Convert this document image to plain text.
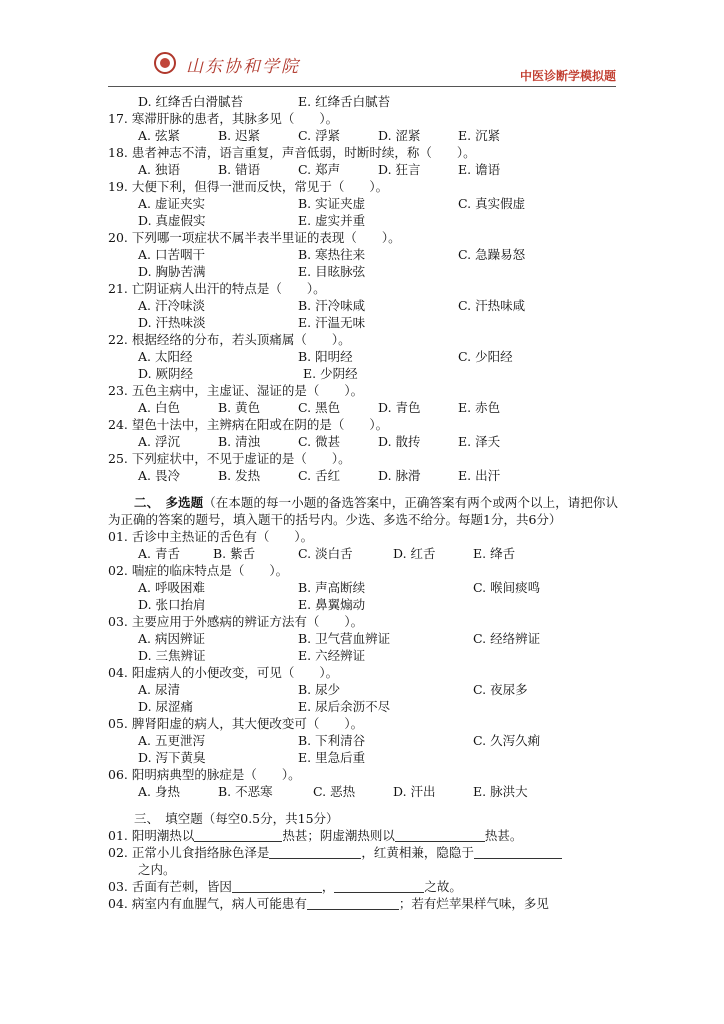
山东协和学院	中医诊断学模拟题
D. 红绛舌白滑腻苔	E. 红绛舌白腻苔
17. 寒滞肝脉的患者，其脉多见（　　）。
A. 弦紧	B. 迟紧	C. 浮紧	D. 涩紧	E. 沉紧
18. 患者神志不清，语言重复，声音低弱，时断时续，称（　　）。
A. 独语	B. 错语	C. 郑声	D. 狂言	E. 谵语
19. 大便下利，但得一泄而反快，常见于（　　）。
A. 虚证夹实	B. 实证夹虚	C. 真实假虚
D. 真虚假实	E. 虚实并重
20. 下列哪一项症状不属半表半里证的表现（　　）。
A. 口苦咽干	B. 寒热往来	C. 急躁易怒
D. 胸胁苦满	E. 目眩脉弦
21. 亡阴证病人出汗的特点是（　　）。
A. 汗冷味淡	B. 汗冷味咸	C. 汗热味咸
D. 汗热味淡	E. 汗温无味
22. 根据经络的分布，若头顶痛属（　　）。
A. 太阳经	B. 阳明经	C. 少阳经
D. 厥阴经	E. 少阴经
23. 五色主病中，主虚证、湿证的是（　　）。
A. 白色	B. 黄色	C. 黑色	D. 青色	E. 赤色
24. 望色十法中，主辨病在阳或在阴的是（　　）。
A. 浮沉	B. 清浊	C. 微甚	D. 散抟	E. 泽夭
25. 下列症状中，不见于虚证的是（　　）。
A. 畏冷	B. 发热	C. 舌红	D. 脉滑	E. 出汗
二、　多选题（在本题的每一小题的备选答案中，正确答案有两个或两个以上，请把你认为正确的答案的题号，填入题干的括号内。少选、多选不给分。每题1分，共6分）
01. 舌诊中主热证的舌色有（　　）。
A. 青舌	B. 紫舌	C. 淡白舌	D. 红舌	E. 绛舌
02. 喘症的临床特点是（　　）。
A. 呼吸困难	B. 声高断续	C. 喉间痰鸣
D. 张口抬肩	E. 鼻翼煽动
03. 主要应用于外感病的辨证方法有（　　）。
A. 病因辨证	B. 卫气营血辨证	C. 经络辨证
D. 三焦辨证	E. 六经辨证
04. 阳虚病人的小便改变，可见（　　）。
A. 尿清	B. 尿少	C. 夜尿多
D. 尿涩痛	E. 尿后余沥不尽
05. 脾肾阳虚的病人，其大便改变可（　　）。
A. 五更泄泻	B. 下利清谷	C. 久泻久痢
D. 泻下黄臭	E. 里急后重
06. 阳明病典型的脉症是（　　）。
A. 身热	B. 不恶寒	C. 恶热	D. 汗出	E. 脉洪大
三、　填空题（每空0.5分，共15分）
01. 阳明潮热以	热甚；阴虚潮热则以	热甚。
02. 正常小儿食指络脉色泽是	，红黄相兼，隐隐于
之内。
03. 舌面有芒刺，皆因	，	之故。
04. 病室内有血腥气，病人可能患有	；若有烂苹果样气味，多见
